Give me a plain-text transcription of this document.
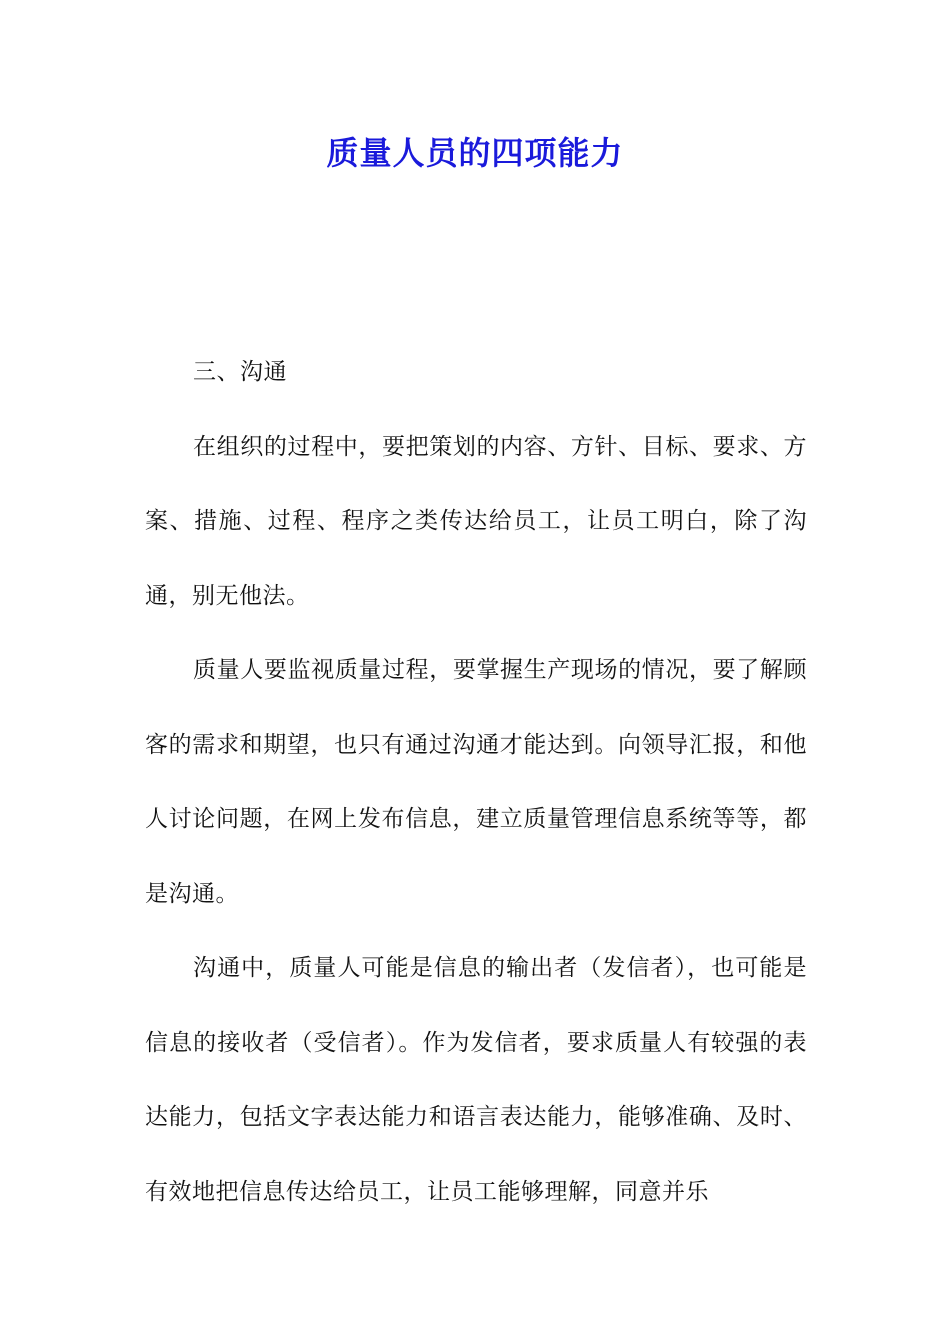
质量人员的四项能力

三、沟通

在组织的过程中，要把策划的内容、方针、目标、要求、方案、措施、过程、程序之类传达给员工，让员工明白，除了沟通，别无他法。

质量人要监视质量过程，要掌握生产现场的情况，要了解顾客的需求和期望，也只有通过沟通才能达到。向领导汇报，和他人讨论问题，在网上发布信息，建立质量管理信息系统等等，都是沟通。

沟通中，质量人可能是信息的输出者（发信者），也可能是信息的接收者（受信者）。作为发信者，要求质量人有较强的表达能力，包括文字表达能力和语言表达能力，能够准确、及时、有效地把信息传达给员工，让员工能够理解，同意并乐
